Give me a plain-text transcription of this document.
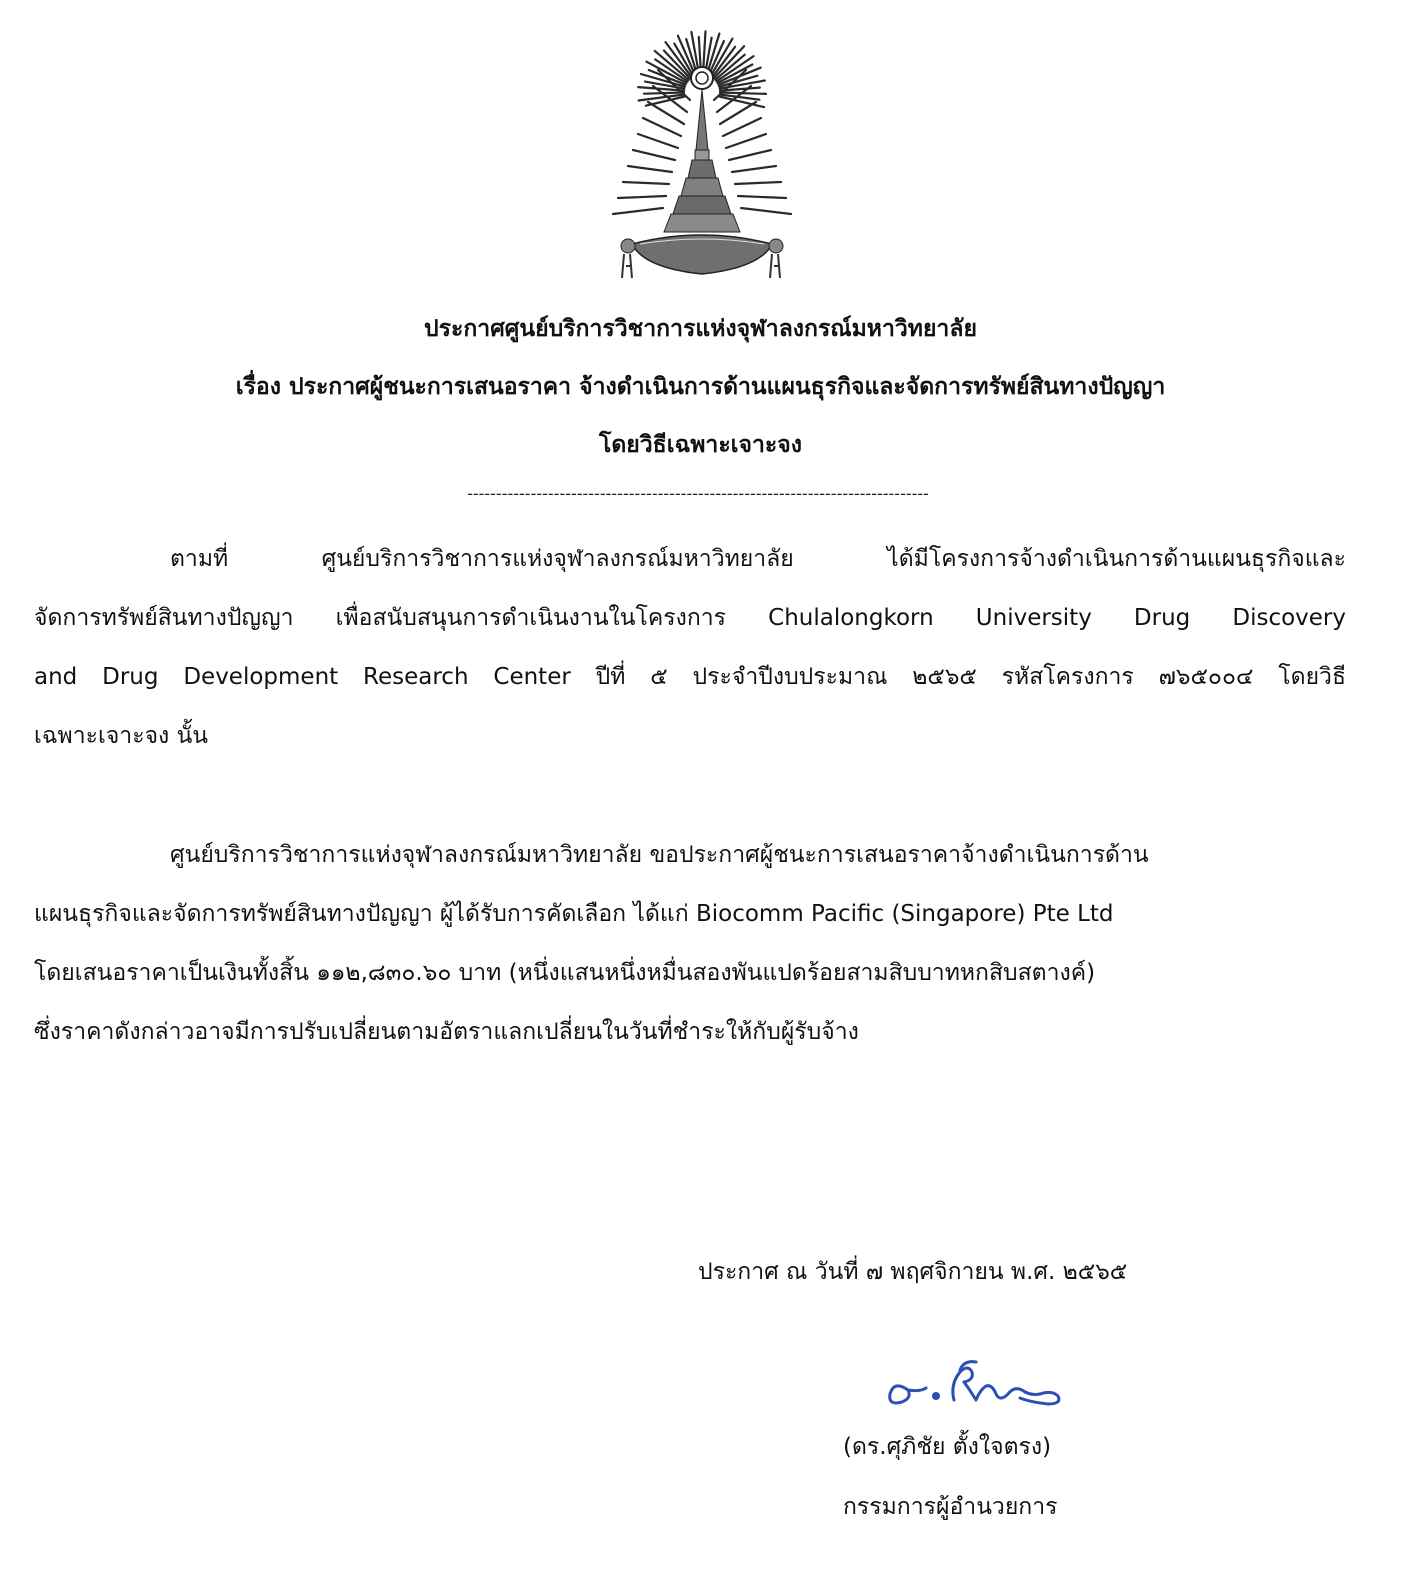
ประกาศศูนย์บริการวิชาการแห่งจุฬาลงกรณ์มหาวิทยาลัย
เรื่อง ประกาศผู้ชนะการเสนอราคา จ้างดำเนินการด้านแผนธุรกิจและจัดการทรัพย์สินทางปัญญา
โดยวิธีเฉพาะเจาะจง
--------------------------------------------------------------------------------
ตามที่ ศูนย์บริการวิชาการแห่งจุฬาลงกรณ์มหาวิทยาลัย ได้มีโครงการจ้างดำเนินการด้านแผนธุรกิจและ
จัดการทรัพย์สินทางปัญญา เพื่อสนับสนุนการดำเนินงานในโครงการ Chulalongkorn University Drug Discovery
and Drug Development Research Center ปีที่ ๕ ประจำปีงบประมาณ ๒๕๖๕ รหัสโครงการ ๗๖๕๐๐๔ โดยวิธี
เฉพาะเจาะจง นั้น
ศูนย์บริการวิชาการแห่งจุฬาลงกรณ์มหาวิทยาลัย ขอประกาศผู้ชนะการเสนอราคาจ้างดำเนินการด้าน
แผนธุรกิจและจัดการทรัพย์สินทางปัญญา ผู้ได้รับการคัดเลือก ได้แก่ Biocomm Pacific (Singapore) Pte Ltd
โดยเสนอราคาเป็นเงินทั้งสิ้น ๑๑๒,๘๓๐.๖๐ บาท (หนึ่งแสนหนึ่งหมื่นสองพันแปดร้อยสามสิบบาทหกสิบสตางค์)
ซึ่งราคาดังกล่าวอาจมีการปรับเปลี่ยนตามอัตราแลกเปลี่ยนในวันที่ชำระให้กับผู้รับจ้าง
ประกาศ ณ วันที่ ๗ พฤศจิกายน พ.ศ. ๒๕๖๕
(ดร.ศุภิชัย ตั้งใจตรง)
กรรมการผู้อำนวยการ
